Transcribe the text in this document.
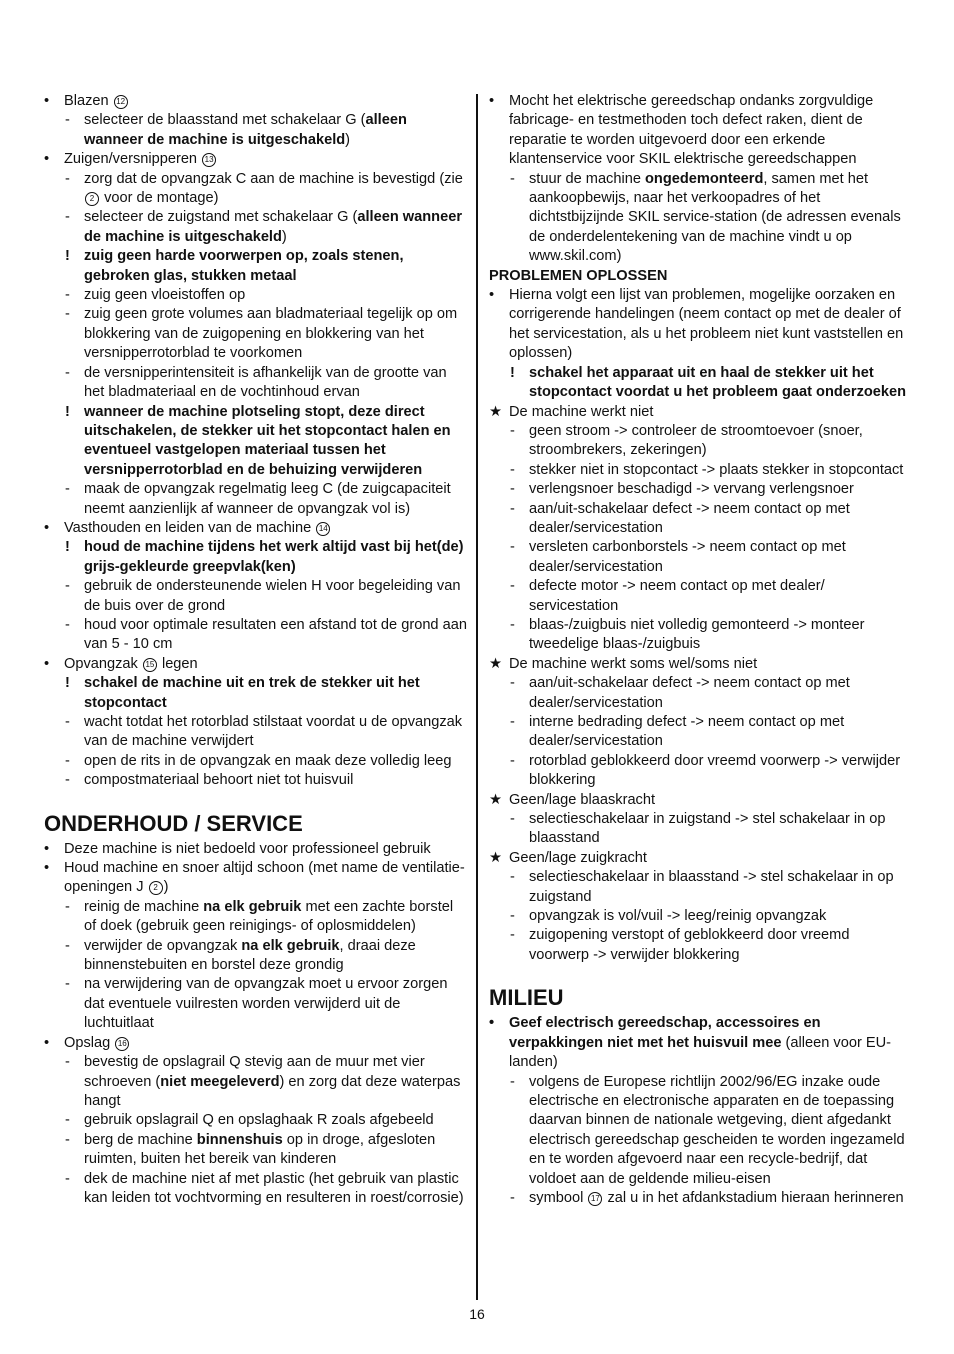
• Blazen 12
- selecteer de blaasstand met schakelaar G (alleen wanneer de machine is uitgeschakeld)
• Zuigen/versnipperen 13
- zorg dat de opvangzak C aan de machine is bevestigd (zie 2 voor de montage)
- selecteer de zuigstand met schakelaar G (alleen wanneer de machine is uitgeschakeld)
! zuig geen harde voorwerpen op, zoals stenen, gebroken glas, stukken metaal
- zuig geen vloeistoffen op
- zuig geen grote volumes aan bladmateriaal tegelijk op om blokkering van de zuigopening en blokkering van het versnipperrotorblad te voorkomen
- de versnipperintensiteit is afhankelijk van de grootte van het bladmateriaal en de vochtinhoud ervan
! wanneer de machine plotseling stopt, deze direct uitschakelen, de stekker uit het stopcontact halen en eventueel vastgelopen materiaal tussen het versnipperrotorblad en de behuizing verwijderen
- maak de opvangzak regelmatig leeg C (de zuigcapaciteit neemt aanzienlijk af wanneer de opvangzak vol is)
• Vasthouden en leiden van de machine 14
! houd de machine tijdens het werk altijd vast bij het(de) grijs-gekleurde greepvlak(ken)
- gebruik de ondersteunende wielen H voor begeleiding van de buis over de grond
- houd voor optimale resultaten een afstand tot de grond aan van 5 - 10 cm
• Opvangzak 15 legen
! schakel de machine uit en trek de stekker uit het stopcontact
- wacht totdat het rotorblad stilstaat voordat u de opvangzak van de machine verwijdert
- open de rits in de opvangzak en maak deze volledig leeg
- compostmateriaal behoort niet tot huisvuil
ONDERHOUD / SERVICE
• Deze machine is niet bedoeld voor professioneel gebruik
• Houd machine en snoer altijd schoon (met name de ventilatie-openingen J 2 )
- reinig de machine na elk gebruik met een zachte borstel of doek (gebruik geen reinigings- of oplosmiddelen)
- verwijder de opvangzak na elk gebruik, draai deze binnenstebuiten en borstel deze grondig
- na verwijdering van de opvangzak moet u ervoor zorgen dat eventuele vuilresten worden verwijderd uit de luchtuitlaat
• Opslag 16
- bevestig de opslagrail Q stevig aan de muur met vier schroeven (niet meegeleverd) en zorg dat deze waterpas hangt
- gebruik opslagrail Q en opslaghaak R zoals afgebeeld
- berg de machine binnenshuis op in droge, afgesloten ruimten, buiten het bereik van kinderen
- dek de machine niet af met plastic (het gebruik van plastic kan leiden tot vochtvorming en resulteren in roest/corrosie)
• Mocht het elektrische gereedschap ondanks zorgvuldige fabricage- en testmethoden toch defect raken, dient de reparatie te worden uitgevoerd door een erkende klantenservice voor SKIL elektrische gereedschappen
- stuur de machine ongedemonteerd, samen met het aankoopbewijs, naar het verkoopadres of het dichtstbijzijnde SKIL service-station (de adressen evenals de onderdelentekening van de machine vindt u op www.skil.com)
PROBLEMEN OPLOSSEN
• Hierna volgt een lijst van problemen, mogelijke oorzaken en corrigerende handelingen (neem contact op met de dealer of het servicestation, als u het probleem niet kunt vaststellen en oplossen)
! schakel het apparaat uit en haal de stekker uit het stopcontact voordat u het probleem gaat onderzoeken
★ De machine werkt niet
- geen stroom -> controleer de stroomtoevoer (snoer, stroombrekers, zekeringen)
- stekker niet in stopcontact -> plaats stekker in stopcontact
- verlengsnoer beschadigd -> vervang verlengsnoer
- aan/uit-schakelaar defect -> neem contact op met dealer/servicestation
- versleten carbonborstels -> neem contact op met dealer/servicestation
- defecte motor -> neem contact op met dealer/ servicestation
- blaas-/zuigbuis niet volledig gemonteerd -> monteer tweedelige blaas-/zuigbuis
★ De machine werkt soms wel/soms niet
- aan/uit-schakelaar defect -> neem contact op met dealer/servicestation
- interne bedrading defect -> neem contact op met dealer/servicestation
- rotorblad geblokkeerd door vreemd voorwerp -> verwijder blokkering
★ Geen/lage blaaskracht
- selectieschakelaar in zuigstand -> stel schakelaar in op blaasstand
★ Geen/lage zuigkracht
- selectieschakelaar in blaasstand -> stel schakelaar in op zuigstand
- opvangzak is vol/vuil -> leeg/reinig opvangzak
- zuigopening verstopt of geblokkeerd door vreemd voorwerp -> verwijder blokkering
MILIEU
• Geef electrisch gereedschap, accessoires en verpakkingen niet met het huisvuil mee (alleen voor EU-landen)
- volgens de Europese richtlijn 2002/96/EG inzake oude electrische en electronische apparaten en de toepassing daarvan binnen de nationale wetgeving, dient afgedankt electrisch gereedschap gescheiden te worden ingezameld en te worden afgevoerd naar een recycle-bedrijf, dat voldoet aan de geldende milieu-eisen
- symbool 17 zal u in het afdankstadium hieraan herinneren
16
